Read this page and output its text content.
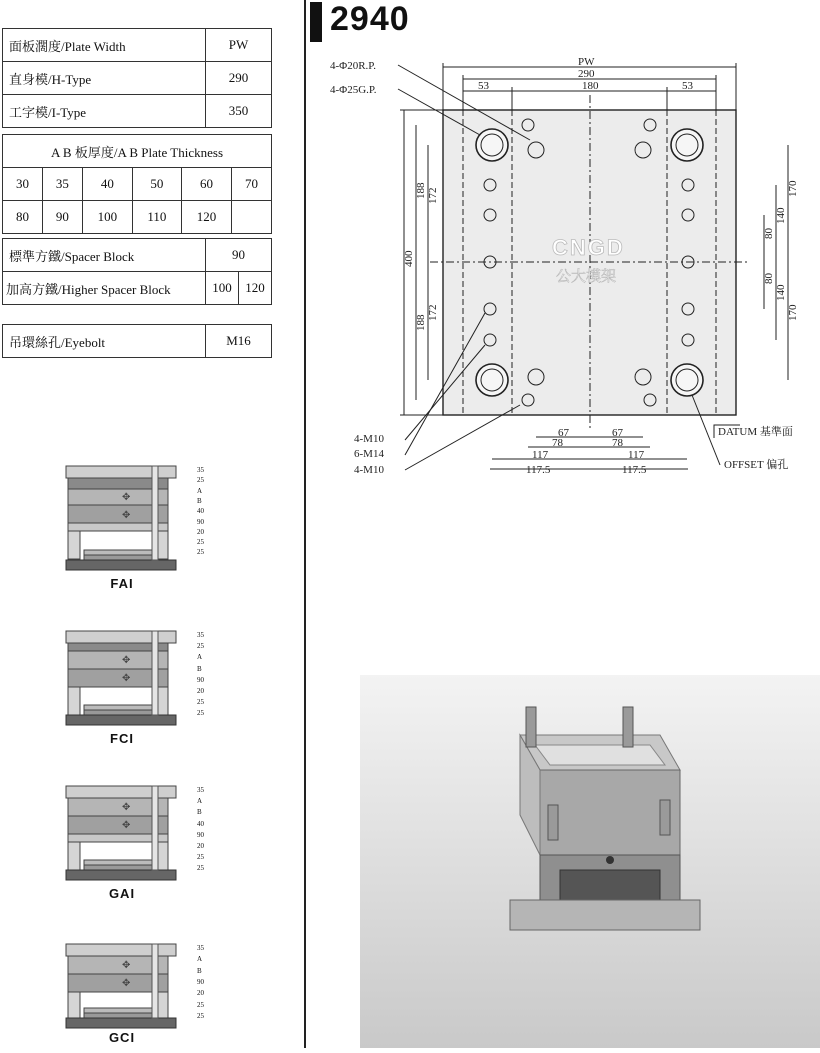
面板濶度/Plate Width	PW
直身模/H-Type	290
工字模/I-Type	350
A B 板厚度/A B Plate Thickness					
30	35	40	50	60	70
80	90	100	110	120	
標準方鐵/Spacer Block	90	
加高方鐵/Higher Spacer Block	100	120
吊環絲孔/Eyebolt	M16
✥
✥
✥
✥
✥
✥
✥
✥
35
25
A
B
40
90
20
25
25
35
25
A
B
90
20
25
25
35
A
B
40
90
20
25
25
35
A
B
90
20
25
25
FAI
FCI
GAI
GCI
2940
CNGD
公大模架
4-Φ20R.P.
4-Φ25G.P.
PW
290
53	180	53
400
188 172
188
172
170
140
80
170
140
80
67	67
78	78
117	117
117.5	117.5
4-M10
6-M14
4-M10
DATUM 基準面
OFFSET 偏孔
